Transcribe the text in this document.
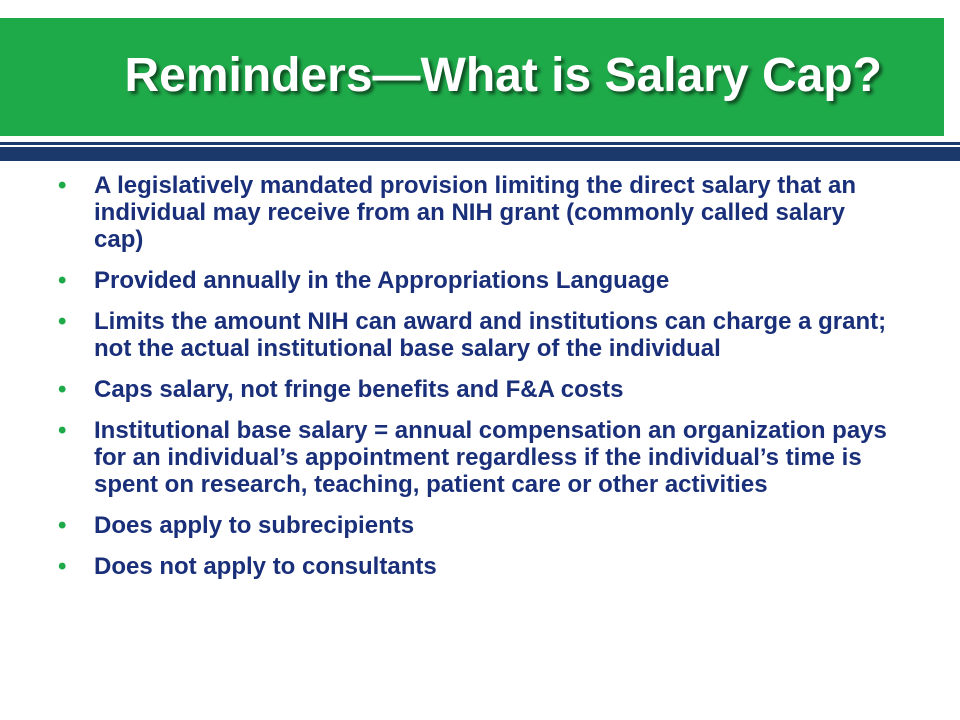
Reminders—What is Salary Cap?
• A legislatively mandated provision limiting the direct salary that an individual may receive from an NIH grant (commonly called salary cap)
• Provided annually in the Appropriations Language
• Limits the amount NIH can award and institutions can charge a grant; not the actual institutional base salary of the individual
• Caps salary, not fringe benefits and F&A costs
• Institutional base salary = annual compensation an organization pays for an individual’s appointment regardless if the individual’s time is spent on research, teaching, patient care or other activities
• Does apply to subrecipients
• Does not apply to consultants
